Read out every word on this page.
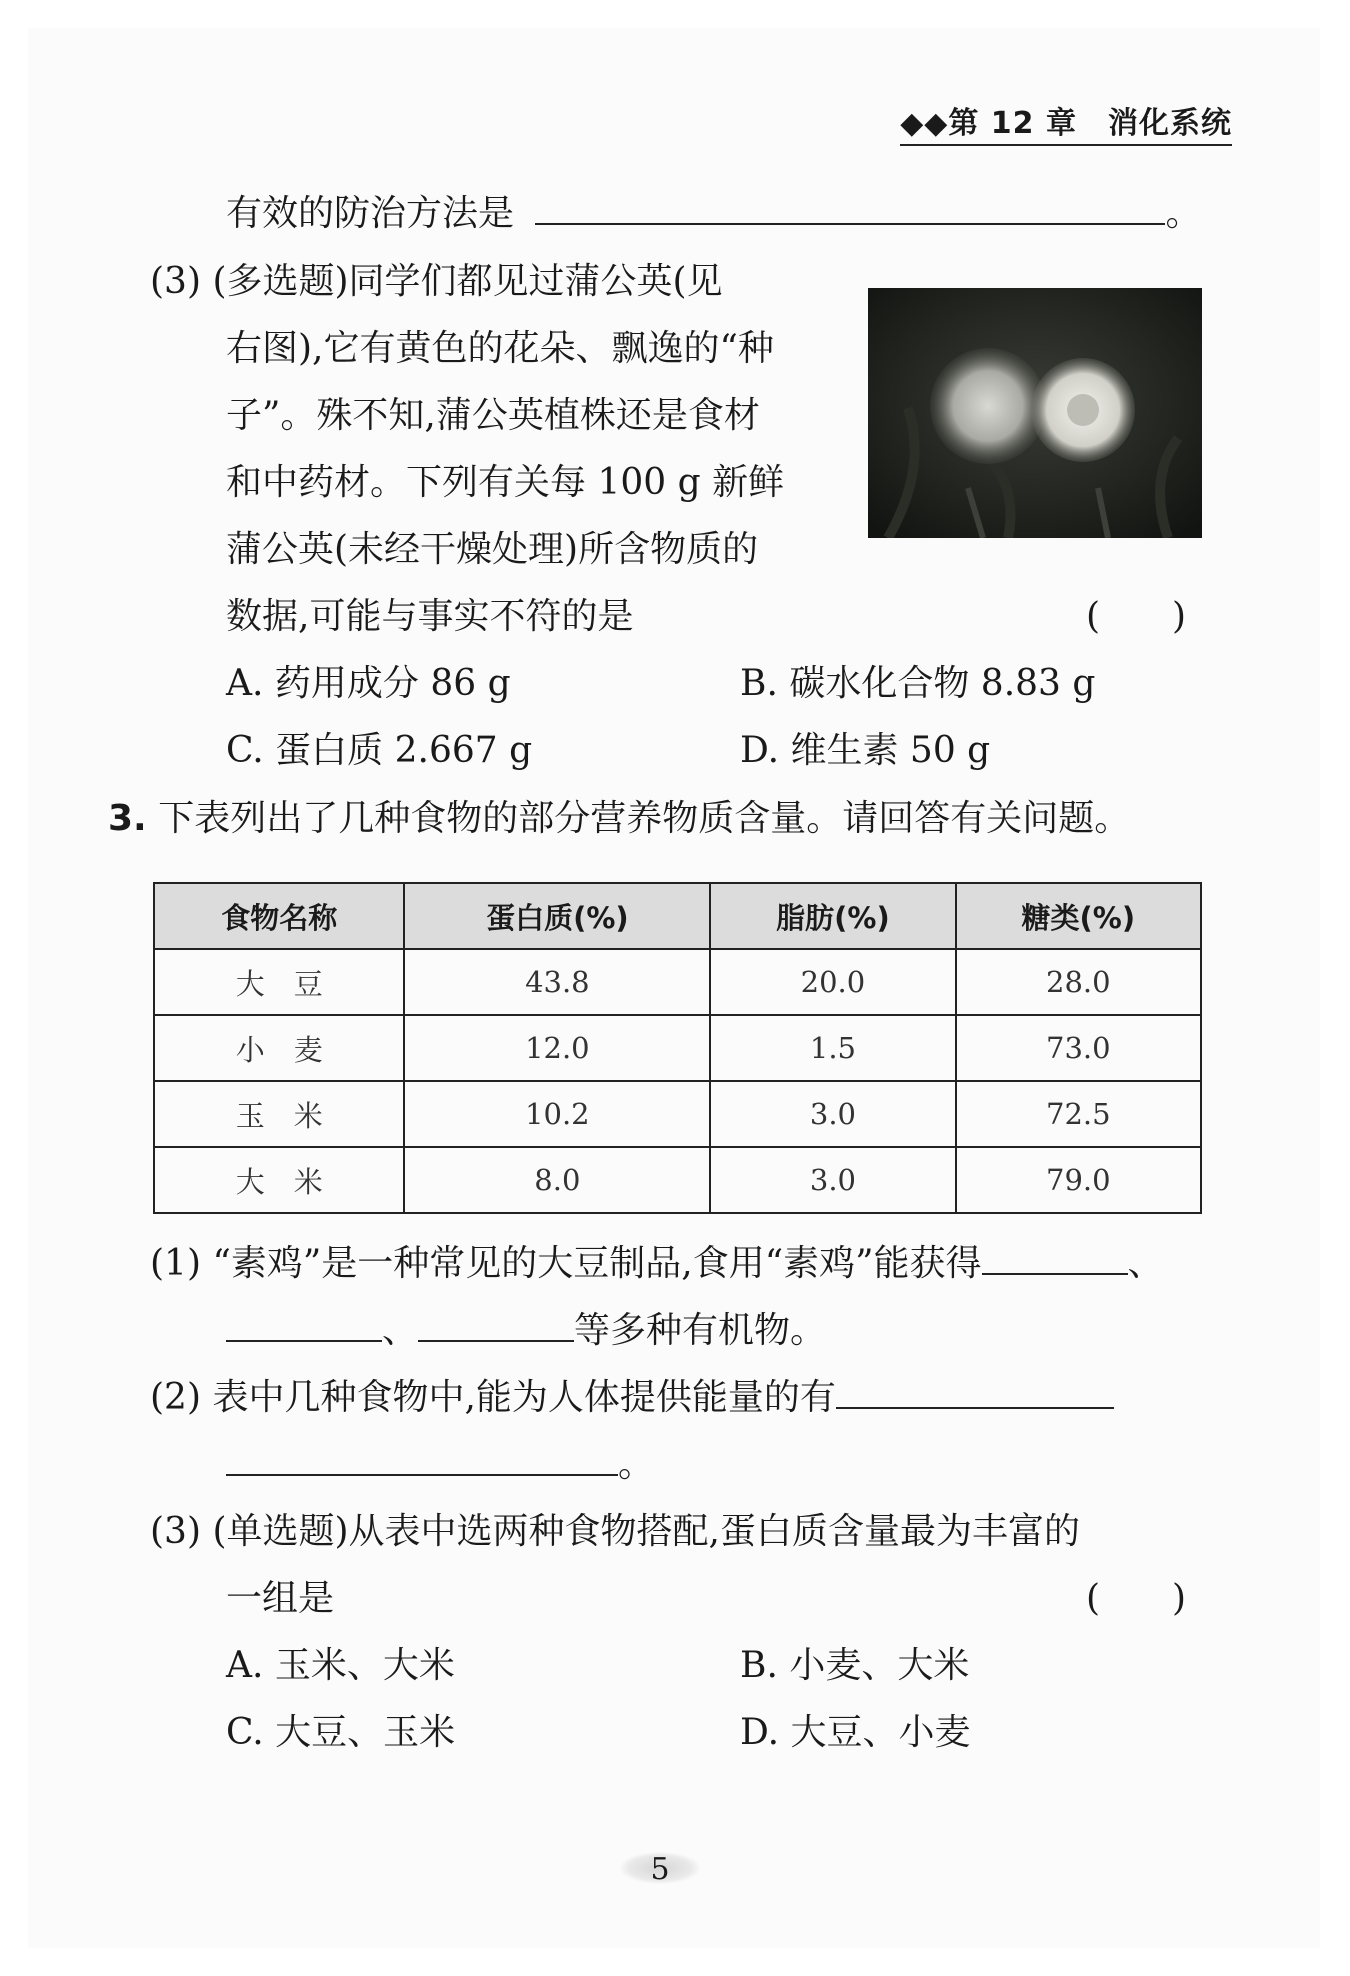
◆◆第 12 章　消化系统
有效的防治方法是	。
(3) (多选题)同学们都见过蒲公英(见
右图),它有黄色的花朵、飘逸的“种
子”。殊不知,蒲公英植株还是食材
和中药材。下列有关每 100 g 新鲜
蒲公英(未经干燥处理)所含物质的
数据,可能与事实不符的是	(　　)
A. 药用成分 86 g	B. 碳水化合物 8.83 g
C. 蛋白质 2.667 g	D. 维生素 50 g
3. 下表列出了几种食物的部分营养物质含量。请回答有关问题。
食物名称	蛋白质(%)	脂肪(%)	糖类(%)
大　豆	43.8	20.0	28.0
小　麦	12.0	1.5	73.0
玉　米	10.2	3.0	72.5
大　米	8.0	3.0	79.0
(1) “素鸡”是一种常见的大豆制品,食用“素鸡”能获得	、
、	等多种有机物。
(2) 表中几种食物中,能为人体提供能量的有
。
(3) (单选题)从表中选两种食物搭配,蛋白质含量最为丰富的
一组是	(　　)
A. 玉米、大米	B. 小麦、大米
C. 大豆、玉米	D. 大豆、小麦
5
